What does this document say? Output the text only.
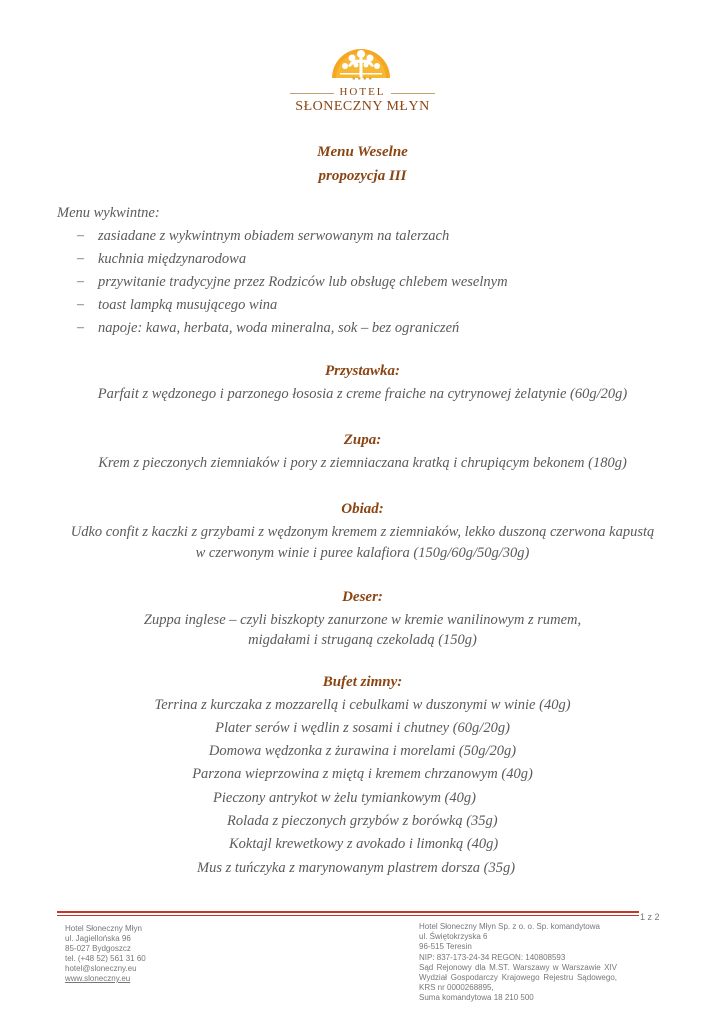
★★★★
HOTEL
SŁONECZNY MŁYN
Menu Weselne
propozycja III
Menu wykwintne:
– zasiadane z wykwintnym obiadem serwowanym na talerzach
– kuchnia międzynarodowa
– przywitanie tradycyjne przez Rodziców lub obsługę chlebem weselnym
– toast lampką musującego wina
– napoje: kawa, herbata, woda mineralna, sok – bez ograniczeń
Przystawka:
Parfait z wędzonego i parzonego łososia z creme fraiche na cytrynowej żelatynie (60g/20g)
Zupa:
Krem z pieczonych ziemniaków i pory z ziemniaczana kratką i chrupiącym bekonem (180g)
Obiad:
Udko confit z kaczki z grzybami z wędzonym kremem z ziemniaków, lekko duszoną czerwona kapustą
w czerwonym winie i puree kalafiora (150g/60g/50g/30g)
Deser:
Zuppa inglese – czyli biszkopty zanurzone w kremie wanilinowym z rumem,
migdałami i struganą czekoladą (150g)
Bufet zimny:
Terrina z kurczaka z mozzarellą i cebulkami w duszonymi w winie (40g)
Plater serów i wędlin z sosami i chutney (60g/20g)
Domowa wędzonka z żurawina i morelami (50g/20g)
Parzona wieprzowina z miętą i kremem chrzanowym (40g)
Pieczony antrykot w żelu tymiankowym (40g)
Rolada z pieczonych grzybów z borówką (35g)
Koktajl krewetkowy z avokado i limonką (40g)
Mus z tuńczyka z marynowanym plastrem dorsza (35g)
1 z 2
Hotel Słoneczny Młyn
ul. Jagiellońska 96
85-027 Bydgoszcz
tel. (+48 52) 561 31 60
hotel@sloneczny.eu
www.sloneczny.eu
Hotel Słoneczny Młyn Sp. z o. o. Sp. komandytowa
ul. Świętokrzyska 6
96-515 Teresin
NIP: 837-173-24-34 REGON: 140808593
Sąd Rejonowy dla M.ST. Warszawy w Warszawie XIV Wydział Gospodarczy Krajowego Rejestru Sądowego, KRS nr 0000268895,
Suma komandytowa 18 210 500
